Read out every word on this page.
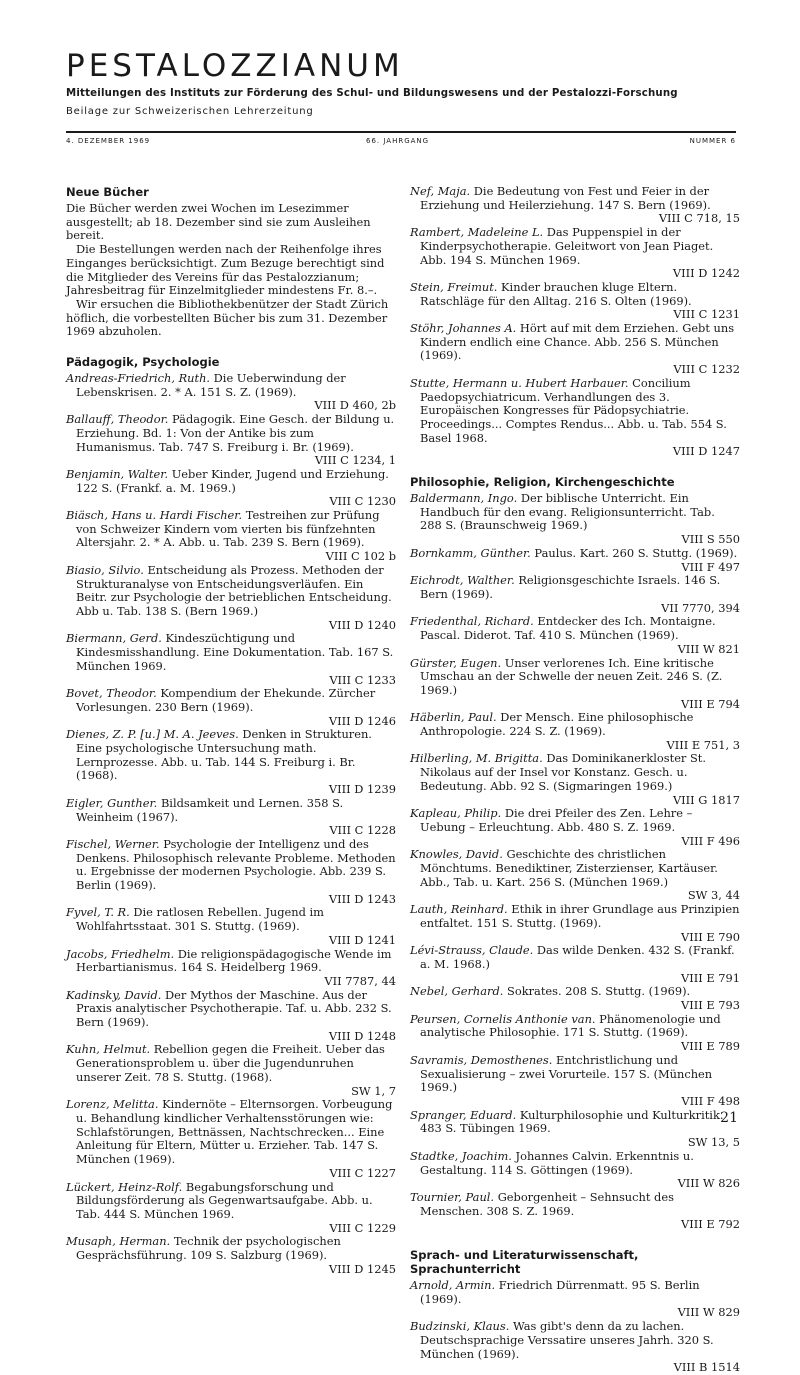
PESTALOZZIANUM
Mitteilungen des Instituts zur Förderung des Schul- und Bildungswesens und der Pestalozzi-Forschung
Beilage zur Schweizerischen Lehrerzeitung
4. DEZEMBER 1969	66. JAHRGANG	NUMMER 6
Neue Bücher

Die Bücher werden zwei Wochen im Lesezimmer ausgestellt; ab 18. Dezember sind sie zum Ausleihen bereit.

Die Bestellungen werden nach der Reihenfolge ihres Einganges berücksichtigt. Zum Bezuge berechtigt sind die Mitglieder des Vereins für das Pestalozzianum; Jahresbeitrag für Einzelmitglieder mindestens Fr. 8.–.

Wir ersuchen die Bibliothekbenützer der Stadt Zürich höflich, die vorbestellten Bücher bis zum 31. Dezember 1969 abzuholen.

Pädagogik, Psychologie

Andreas-Friedrich, Ruth. Die Ueberwindung der Lebenskrisen. 2. * A. 151 S. Z. (1969).
VIII D 460, 2b

Ballauff, Theodor. Pädagogik. Eine Gesch. der Bildung u. Erziehung. Bd. 1: Von der Antike bis zum Humanismus. Tab. 747 S. Freiburg i. Br. (1969).
VIII C 1234, 1

Benjamin, Walter. Ueber Kinder, Jugend und Erziehung. 122 S. (Frankf. a. M. 1969.)
VIII C 1230

Biäsch, Hans u. Hardi Fischer. Testreihen zur Prüfung von Schweizer Kindern vom vierten bis fünfzehnten Altersjahr. 2. * A. Abb. u. Tab. 239 S. Bern (1969).
VIII C 102 b

Biasio, Silvio. Entscheidung als Prozess. Methoden der Strukturanalyse von Entscheidungsverläufen. Ein Beitr. zur Psychologie der betrieblichen Entscheidung. Abb u. Tab. 138 S. (Bern 1969.)
VIII D 1240

Biermann, Gerd. Kindeszüchtigung und Kindesmisshandlung. Eine Dokumentation. Tab. 167 S. München 1969.
VIII C 1233

Bovet, Theodor. Kompendium der Ehekunde. Zürcher Vorlesungen. 230 Bern (1969).
VIII D 1246

Dienes, Z. P. [u.] M. A. Jeeves. Denken in Strukturen. Eine psychologische Untersuchung math. Lernprozesse. Abb. u. Tab. 144 S. Freiburg i. Br. (1968).
VIII D 1239

Eigler, Gunther. Bildsamkeit und Lernen. 358 S. Weinheim (1967).
VIII C 1228

Fischel, Werner. Psychologie der Intelligenz und des Denkens. Philosophisch relevante Probleme. Methoden u. Ergebnisse der modernen Psychologie. Abb. 239 S. Berlin (1969).
VIII D 1243

Fyvel, T. R. Die ratlosen Rebellen. Jugend im Wohlfahrtsstaat. 301 S. Stuttg. (1969).
VIII D 1241

Jacobs, Friedhelm. Die religionspädagogische Wende im Herbartianismus. 164 S. Heidelberg 1969.
VII 7787, 44

Kadinsky, David. Der Mythos der Maschine. Aus der Praxis analytischer Psychotherapie. Taf. u. Abb. 232 S. Bern (1969).
VIII D 1248

Kuhn, Helmut. Rebellion gegen die Freiheit. Ueber das Generationsproblem u. über die Jugendunruhen unserer Zeit. 78 S. Stuttg. (1968).
SW 1, 7

Lorenz, Melitta. Kindernöte – Elternsorgen. Vorbeugung u. Behandlung kindlicher Verhaltensstörungen wie: Schlafstörungen, Bettnässen, Nachtschrecken... Eine Anleitung für Eltern, Mütter u. Erzieher. Tab. 147 S. München (1969).
VIII C 1227

Lückert, Heinz-Rolf. Begabungsforschung und Bildungsförderung als Gegenwartsaufgabe. Abb. u. Tab. 444 S. München 1969.
VIII C 1229

Musaph, Herman. Technik der psychologischen Gesprächsführung. 109 S. Salzburg (1969).
VIII D 1245

Nef, Maja. Die Bedeutung von Fest und Feier in der Erziehung und Heilerziehung. 147 S. Bern (1969).
VIII C 718, 15

Rambert, Madeleine L. Das Puppenspiel in der Kinderpsychotherapie. Geleitwort von Jean Piaget. Abb. 194 S. München 1969.
VIII D 1242

Stein, Freimut. Kinder brauchen kluge Eltern. Ratschläge für den Alltag. 216 S. Olten (1969).
VIII C 1231

Stöhr, Johannes A. Hört auf mit dem Erziehen. Gebt uns Kindern endlich eine Chance. Abb. 256 S. München (1969).
VIII C 1232

Stutte, Hermann u. Hubert Harbauer. Concilium Paedopsychiatricum. Verhandlungen des 3. Europäischen Kongresses für Pädopsychiatrie. Proceedings... Comptes Rendus... Abb. u. Tab. 554 S. Basel 1968.
VIII D 1247

Philosophie, Religion, Kirchengeschichte

Baldermann, Ingo. Der biblische Unterricht. Ein Handbuch für den evang. Religionsunterricht. Tab. 288 S. (Braunschweig 1969.)
VIII S 550

Bornkamm, Günther. Paulus. Kart. 260 S. Stuttg. (1969).
VIII F 497

Eichrodt, Walther. Religionsgeschichte Israels. 146 S. Bern (1969).
VII 7770, 394

Friedenthal, Richard. Entdecker des Ich. Montaigne. Pascal. Diderot. Taf. 410 S. München (1969).
VIII W 821

Gürster, Eugen. Unser verlorenes Ich. Eine kritische Umschau an der Schwelle der neuen Zeit. 246 S. (Z. 1969.)
VIII E 794

Häberlin, Paul. Der Mensch. Eine philosophische Anthropologie. 224 S. Z. (1969).
VIII E 751, 3

Hilberling, M. Brigitta. Das Dominikanerkloster St. Nikolaus auf der Insel vor Konstanz. Gesch. u. Bedeutung. Abb. 92 S. (Sigmaringen 1969.)
VIII G 1817

Kapleau, Philip. Die drei Pfeiler des Zen. Lehre – Uebung – Erleuchtung. Abb. 480 S. Z. 1969.
VIII F 496

Knowles, David. Geschichte des christlichen Mönchtums. Benediktiner, Zisterzienser, Kartäuser. Abb., Tab. u. Kart. 256 S. (München 1969.)
SW 3, 44

Lauth, Reinhard. Ethik in ihrer Grundlage aus Prinzipien entfaltet. 151 S. Stuttg. (1969).
VIII E 790

Lévi-Strauss, Claude. Das wilde Denken. 432 S. (Frankf. a. M. 1968.)
VIII E 791

Nebel, Gerhard. Sokrates. 208 S. Stuttg. (1969).
VIII E 793

Peursen, Cornelis Anthonie van. Phänomenologie und analytische Philosophie. 171 S. Stuttg. (1969).
VIII E 789

Savramis, Demosthenes. Entchristlichung und Sexualisierung – zwei Vorurteile. 157 S. (München 1969.)
VIII F 498

Spranger, Eduard. Kulturphilosophie und Kulturkritik. 483 S. Tübingen 1969.
SW 13, 5

Stadtke, Joachim. Johannes Calvin. Erkenntnis u. Gestaltung. 114 S. Göttingen (1969).
VIII W 826

Tournier, Paul. Geborgenheit – Sehnsucht des Menschen. 308 S. Z. 1969.
VIII E 792

Sprach- und Literaturwissenschaft, Sprachunterricht

Arnold, Armin. Friedrich Dürrenmatt. 95 S. Berlin (1969).
VIII W 829

Budzinski, Klaus. Was gibt's denn da zu lachen. Deutschsprachige Verssatire unseres Jahrh. 320 S. München (1969).
VIII B 1514

21
